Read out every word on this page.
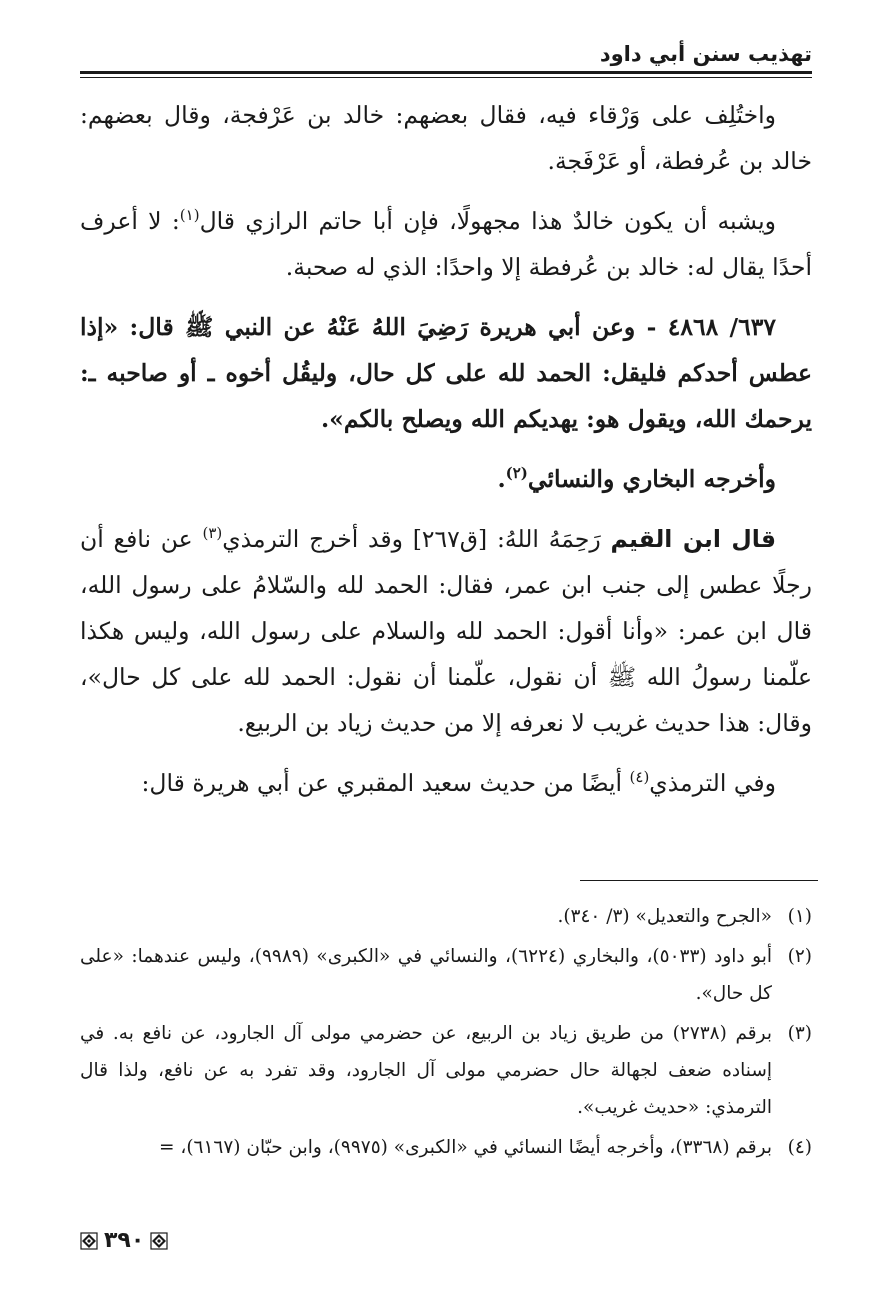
تهذيب سنن أبي داود

واختُلِف على وَرْقاء فيه، فقال بعضهم: خالد بن عَرْفجة، وقال بعضهم: خالد بن عُرفطة، أو عَرْفَجة.

ويشبه أن يكون خالدٌ هذا مجهولًا، فإن أبا حاتم الرازي قال$^{(١)}$: لا أعرف أحدًا يقال له: خالد بن عُرفطة إلا واحدًا: الذي له صحبة.

٦٣٧/ ٤٨٦٨ - وعن أبي هريرة رَضِيَ اللهُ عَنْهُ عن النبي ﷺ قال: «إذا عطس أحدكم فليقل: الحمد لله على كل حال، وليقُل أخوه ـ أو صاحبه ـ: يرحمك الله، ويقول هو: يهديكم الله ويصلح بالكم».

وأخرجه البخاري والنسائي$^{(٢)}$.

قال ابن القيم رَحِمَهُ اللهُ: [ق٢٦٧] وقد أخرج الترمذي$^{(٣)}$ عن نافع أن رجلًا عطس إلى جنب ابن عمر، فقال: الحمد لله والسّلامُ على رسول الله، قال ابن عمر: «وأنا أقول: الحمد لله والسلام على رسول الله، وليس هكذا علّمنا رسولُ الله ﷺ أن نقول، علّمنا أن نقول: الحمد لله على كل حال»، وقال: هذا حديث غريب لا نعرفه إلا من حديث زياد بن الربيع.

وفي الترمذي$^{(٤)}$ أيضًا من حديث سعيد المقبري عن أبي هريرة قال:

(١)
«الجرح والتعديل» (٣/ ٣٤٠).
(٢)
أبو داود (٥٠٣٣)، والبخاري (٦٢٢٤)، والنسائي في «الكبرى» (٩٩٨٩)، وليس عندهما: «على كل حال».
(٣)
برقم (٢٧٣٨) من طريق زياد بن الربيع، عن حضرمي مولى آل الجارود، عن نافع به. في إسناده ضعف لجهالة حال حضرمي مولى آل الجارود، وقد تفرد به عن نافع، ولذا قال الترمذي: «حديث غريب».
(٤)
برقم (٣٣٦٨)، وأخرجه أيضًا النسائي في «الكبرى» (٩٩٧٥)، وابن حبّان (٦١٦٧)، =
٣٩٠
